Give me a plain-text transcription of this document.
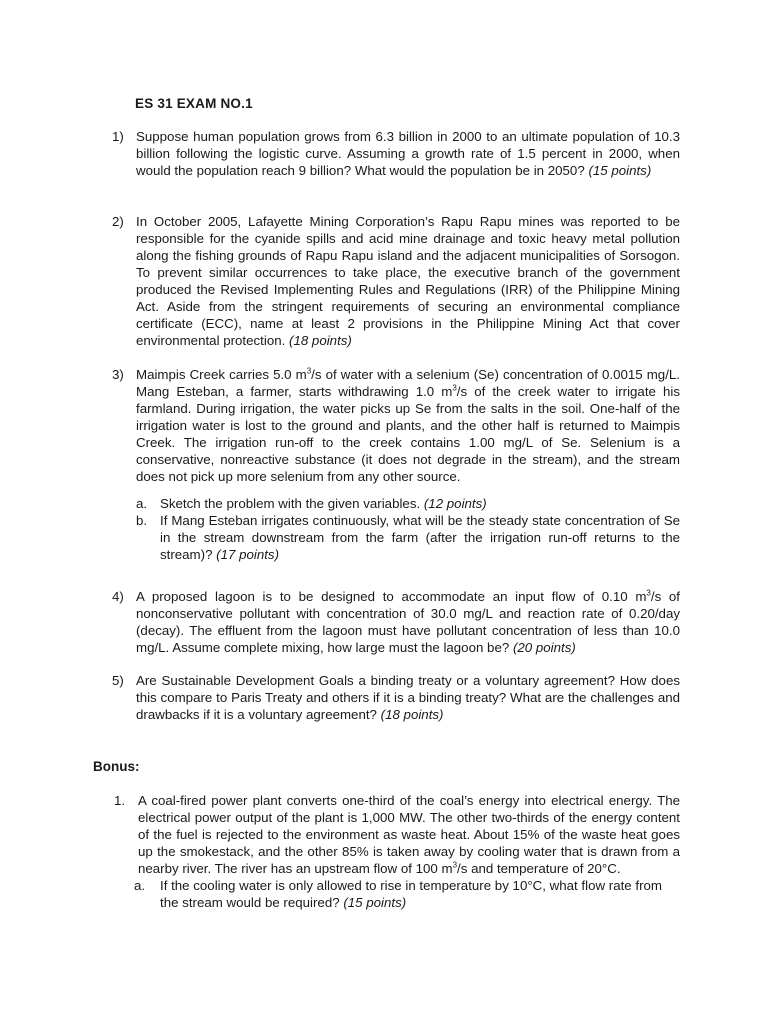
ES 31 EXAM NO.1
1) Suppose human population grows from 6.3 billion in 2000 to an ultimate population of 10.3 billion following the logistic curve. Assuming a growth rate of 1.5 percent in 2000, when would the population reach 9 billion? What would the population be in 2050? (15 points)
2) In October 2005, Lafayette Mining Corporation’s Rapu Rapu mines was reported to be responsible for the cyanide spills and acid mine drainage and toxic heavy metal pollution along the fishing grounds of Rapu Rapu island and the adjacent municipalities of Sorsogon. To prevent similar occurrences to take place, the executive branch of the government produced the Revised Implementing Rules and Regulations (IRR) of the Philippine Mining Act. Aside from the stringent requirements of securing an environmental compliance certificate (ECC), name at least 2 provisions in the Philippine Mining Act that cover environmental protection. (18 points)
3) Maimpis Creek carries 5.0 $m^3/s$ of water with a selenium (Se) concentration of 0.0015 mg/L. Mang Esteban, a farmer, starts withdrawing 1.0 $m^3/s$ of the creek water to irrigate his farmland. During irrigation, the water picks up Se from the salts in the soil. One-half of the irrigation water is lost to the ground and plants, and the other half is returned to Maimpis Creek. The irrigation run-off to the creek contains 1.00 mg/L of Se. Selenium is a conservative, nonreactive substance (it does not degrade in the stream), and the stream does not pick up more selenium from any other source.
a. Sketch the problem with the given variables. (12 points)
b. If Mang Esteban irrigates continuously, what will be the steady state concentration of Se in the stream downstream from the farm (after the irrigation run-off returns to the stream)? (17 points)
4) A proposed lagoon is to be designed to accommodate an input flow of 0.10 $m^3/s$ of nonconservative pollutant with concentration of 30.0 mg/L and reaction rate of 0.20/day (decay). The effluent from the lagoon must have pollutant concentration of less than 10.0 mg/L. Assume complete mixing, how large must the lagoon be? (20 points)
5) Are Sustainable Development Goals a binding treaty or a voluntary agreement? How does this compare to Paris Treaty and others if it is a binding treaty? What are the challenges and drawbacks if it is a voluntary agreement? (18 points)
Bonus:
1. A coal-fired power plant converts one-third of the coal’s energy into electrical energy. The electrical power output of the plant is 1,000 MW. The other two-thirds of the energy content of the fuel is rejected to the environment as waste heat. About 15% of the waste heat goes up the smokestack, and the other 85% is taken away by cooling water that is drawn from a nearby river. The river has an upstream flow of 100 $m^3/s$ and temperature of 20°C.
a. If the cooling water is only allowed to rise in temperature by 10°C, what flow rate from the stream would be required? (15 points)
